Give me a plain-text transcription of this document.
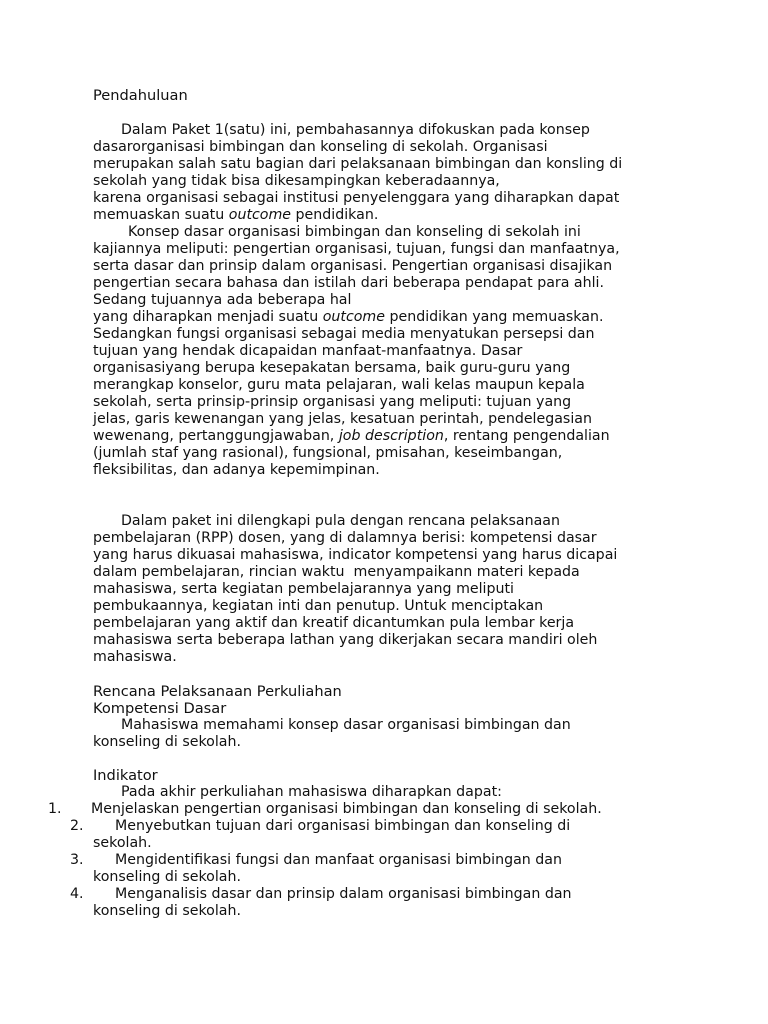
Pendahuluan
Dalam Paket 1(satu) ini, pembahasannya difokuskan pada konsep
dasarorganisasi bimbingan dan konseling di sekolah. Organisasi
merupakan salah satu bagian dari pelaksanaan bimbingan dan konsling di
sekolah yang tidak bisa dikesampingkan keberadaannya,
karena organisasi sebagai institusi penyelenggara yang diharapkan dapat
memuaskan suatu outcome pendidikan.
Konsep dasar organisasi bimbingan dan konseling di sekolah ini
kajiannya meliputi: pengertian organisasi, tujuan, fungsi dan manfaatnya,
serta dasar dan prinsip dalam organisasi. Pengertian organisasi disajikan
pengertian secara bahasa dan istilah dari beberapa pendapat para ahli.
Sedang tujuannya ada beberapa hal
yang diharapkan menjadi suatu outcome pendidikan yang memuaskan.
Sedangkan fungsi organisasi sebagai media menyatukan persepsi dan
tujuan yang hendak dicapaidan manfaat-manfaatnya. Dasar
organisasiyang berupa kesepakatan bersama, baik guru-guru yang
merangkap konselor, guru mata pelajaran, wali kelas maupun kepala
sekolah, serta prinsip-prinsip organisasi yang meliputi: tujuan yang
jelas, garis kewenangan yang jelas, kesatuan perintah, pendelegasian
wewenang, pertanggungjawaban, job description, rentang pengendalian
(jumlah staf yang rasional), fungsional, pmisahan, keseimbangan,
fleksibilitas, dan adanya kepemimpinan.
Dalam paket ini dilengkapi pula dengan rencana pelaksanaan
pembelajaran (RPP) dosen, yang di dalamnya berisi: kompetensi dasar
yang harus dikuasai mahasiswa, indicator kompetensi yang harus dicapai
dalam pembelajaran, rincian waktu  menyampaikann materi kepada
mahasiswa, serta kegiatan pembelajarannya yang meliputi
pembukaannya, kegiatan inti dan penutup. Untuk menciptakan
pembelajaran yang aktif dan kreatif dicantumkan pula lembar kerja
mahasiswa serta beberapa lathan yang dikerjakan secara mandiri oleh
mahasiswa.
Rencana Pelaksanaan Perkuliahan
Kompetensi Dasar
Mahasiswa memahami konsep dasar organisasi bimbingan dan
konseling di sekolah.
Indikator
Pada akhir perkuliahan mahasiswa diharapkan dapat:
1. Menjelaskan pengertian organisasi bimbingan dan konseling di sekolah.
2. Menyebutkan tujuan dari organisasi bimbingan dan konseling di
sekolah.
3. Mengidentifikasi fungsi dan manfaat organisasi bimbingan dan
konseling di sekolah.
4. Menganalisis dasar dan prinsip dalam organisasi bimbingan dan
konseling di sekolah.
